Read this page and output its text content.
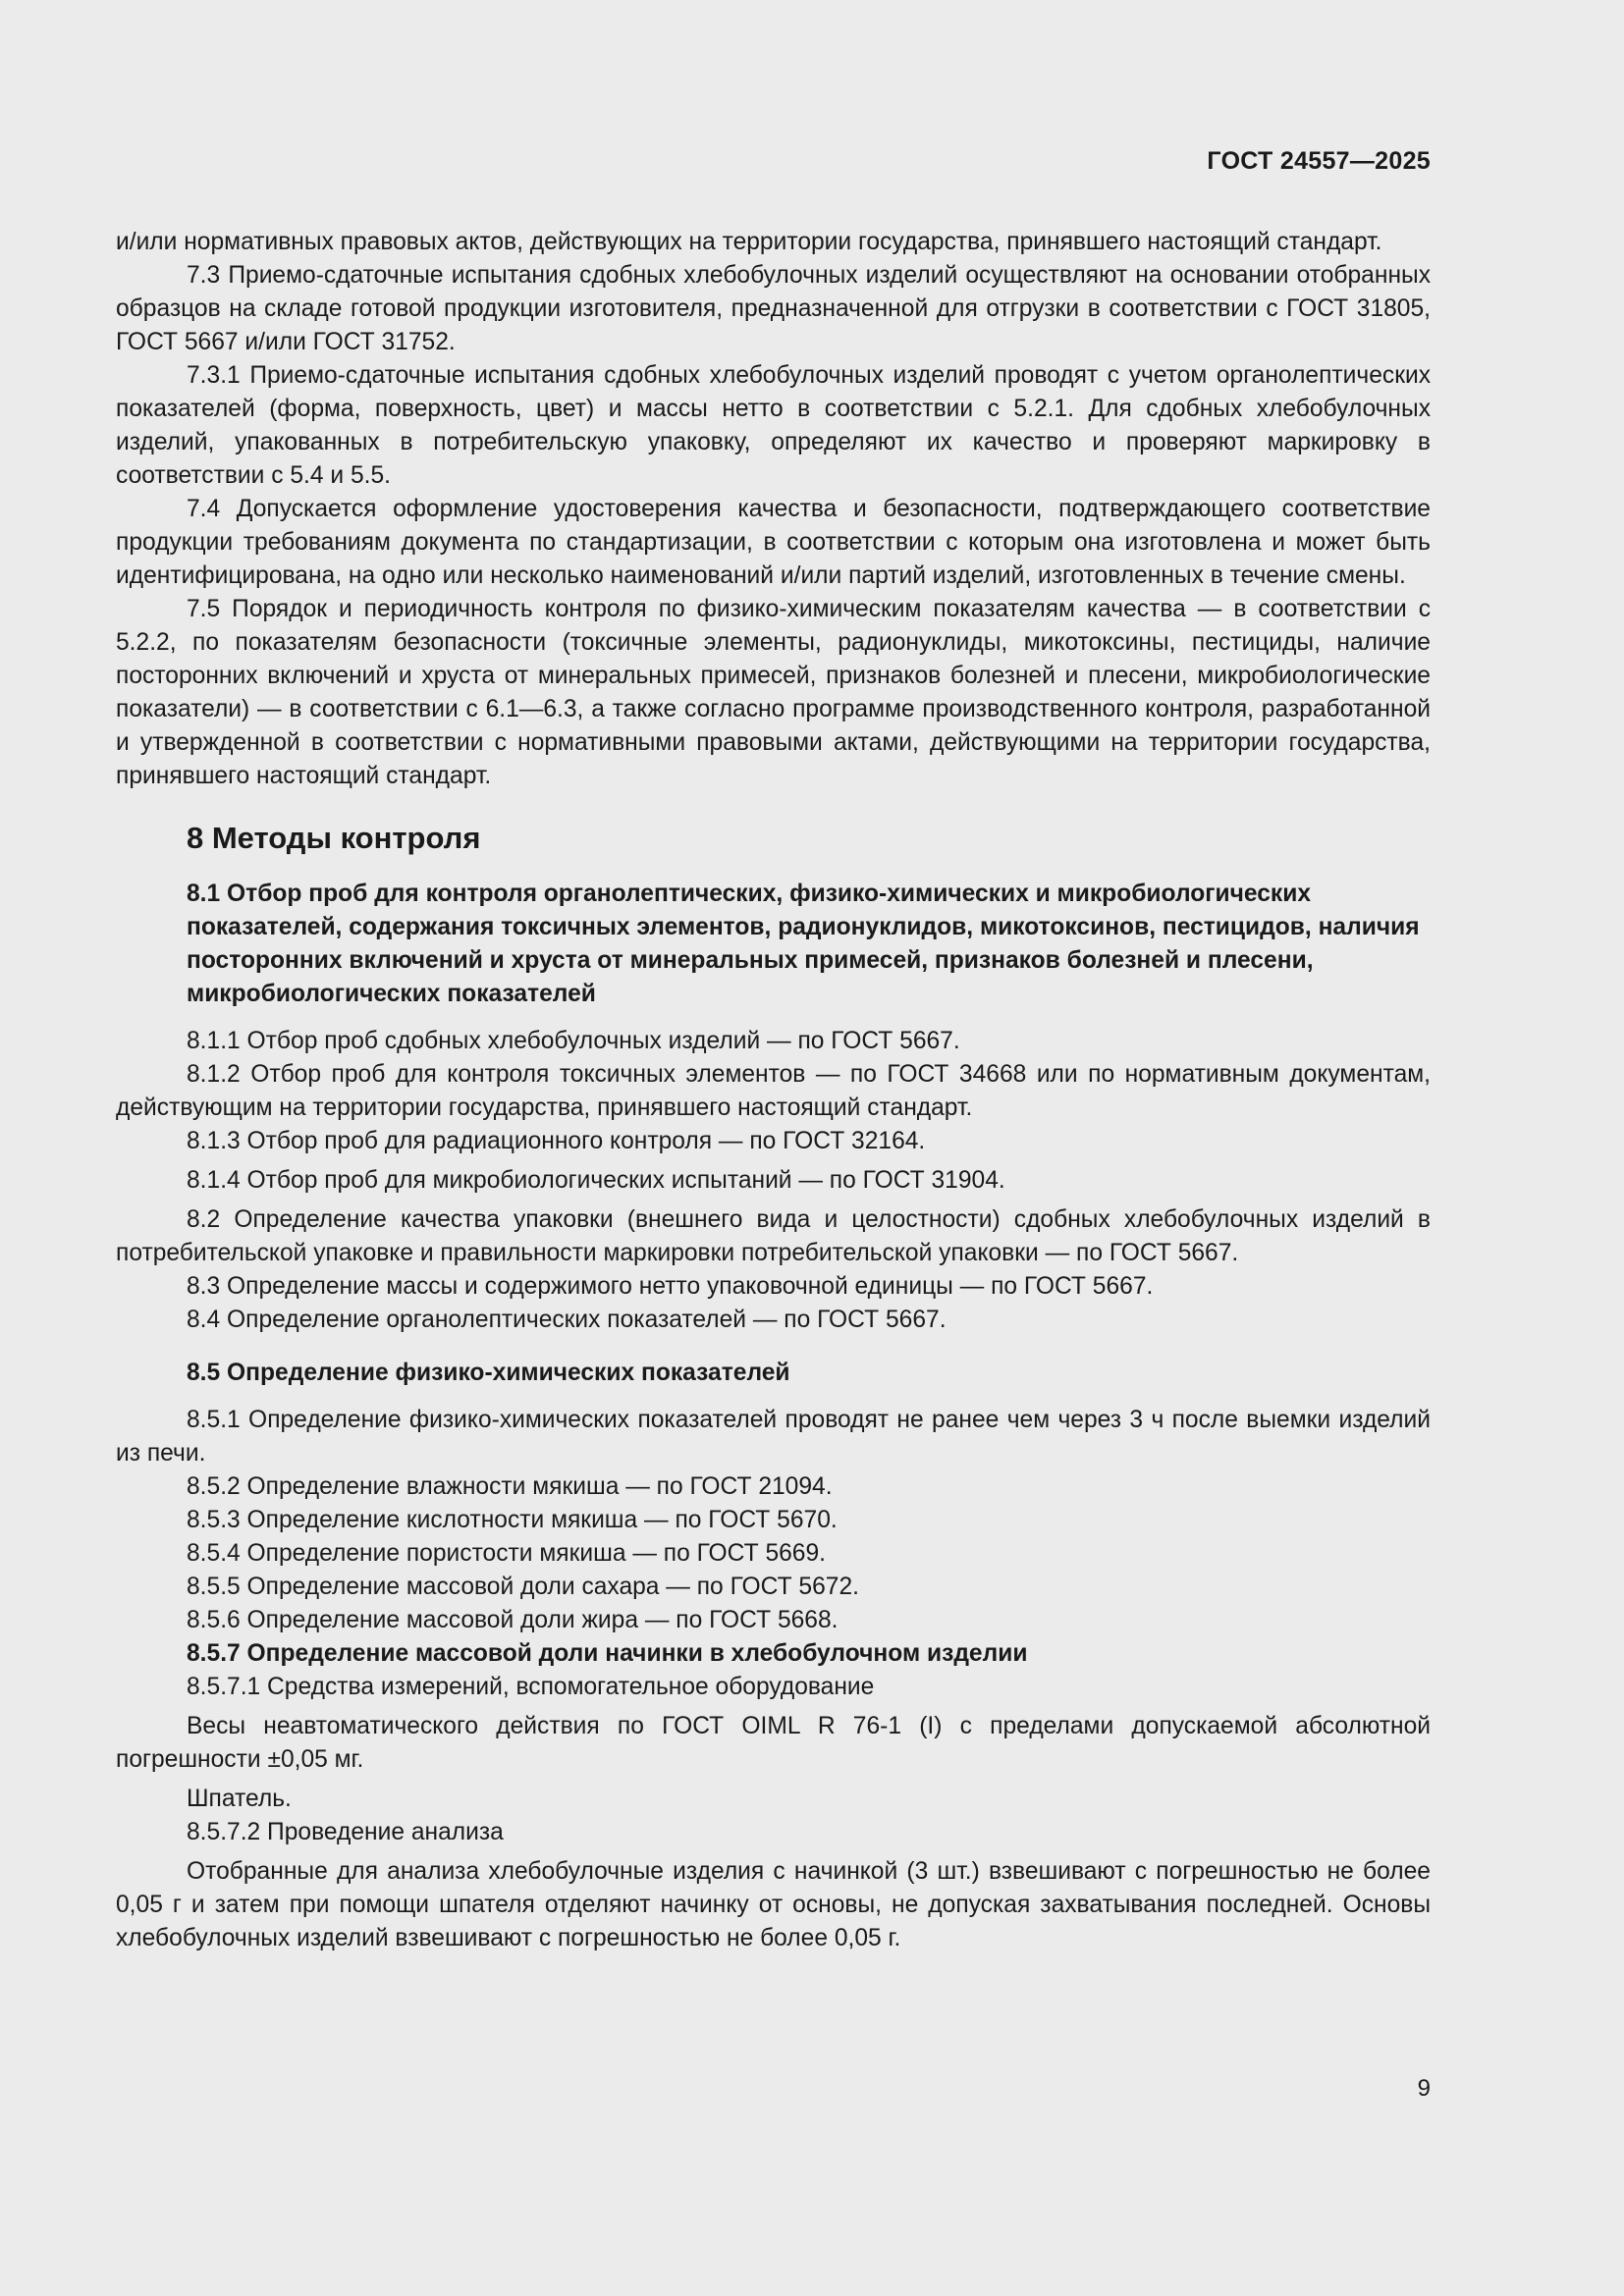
ГОСТ 24557—2025

и/или нормативных правовых актов, действующих на территории государства, принявшего настоящий стандарт.

7.3 Приемо-сдаточные испытания сдобных хлебобулочных изделий осуществляют на основании отобранных образцов на складе готовой продукции изготовителя, предназначенной для отгрузки в соответствии с ГОСТ 31805, ГОСТ 5667 и/или ГОСТ 31752.

7.3.1 Приемо-сдаточные испытания сдобных хлебобулочных изделий проводят с учетом органолептических показателей (форма, поверхность, цвет) и массы нетто в соответствии с 5.2.1. Для сдобных хлебобулочных изделий, упакованных в потребительскую упаковку, определяют их качество и проверяют маркировку в соответствии с 5.4 и 5.5.

7.4 Допускается оформление удостоверения качества и безопасности, подтверждающего соответствие продукции требованиям документа по стандартизации, в соответствии с которым она изготовлена и может быть идентифицирована, на одно или несколько наименований и/или партий изделий, изготовленных в течение смены.

7.5 Порядок и периодичность контроля по физико-химическим показателям качества — в соответствии с 5.2.2, по показателям безопасности (токсичные элементы, радионуклиды, микотоксины, пестициды, наличие посторонних включений и хруста от минеральных примесей, признаков болезней и плесени, микробиологические показатели) — в соответствии с 6.1—6.3, а также согласно программе производственного контроля, разработанной и утвержденной в соответствии с нормативными правовыми актами, действующими на территории государства, принявшего настоящий стандарт.

8 Методы контроля

8.1 Отбор проб для контроля органолептических, физико-химических и микробиологических показателей, содержания токсичных элементов, радионуклидов, микотоксинов, пестицидов, наличия посторонних включений и хруста от минеральных примесей, признаков болезней и плесени, микробиологических показателей

8.1.1 Отбор проб сдобных хлебобулочных изделий — по ГОСТ 5667.

8.1.2 Отбор проб для контроля токсичных элементов — по ГОСТ 34668 или по нормативным документам, действующим на территории государства, принявшего настоящий стандарт.

8.1.3 Отбор проб для радиационного контроля — по ГОСТ 32164.

8.1.4 Отбор проб для микробиологических испытаний — по ГОСТ 31904.

8.2 Определение качества упаковки (внешнего вида и целостности) сдобных хлебобулочных изделий в потребительской упаковке и правильности маркировки потребительской упаковки — по ГОСТ 5667.

8.3 Определение массы и содержимого нетто упаковочной единицы — по ГОСТ 5667.

8.4 Определение органолептических показателей — по ГОСТ 5667.

8.5 Определение физико-химических показателей

8.5.1 Определение физико-химических показателей проводят не ранее чем через 3 ч после выемки изделий из печи.

8.5.2 Определение влажности мякиша — по ГОСТ 21094.

8.5.3 Определение кислотности мякиша — по ГОСТ 5670.

8.5.4 Определение пористости мякиша — по ГОСТ 5669.

8.5.5 Определение массовой доли сахара — по ГОСТ 5672.

8.5.6 Определение массовой доли жира — по ГОСТ 5668.

8.5.7 Определение массовой доли начинки в хлебобулочном изделии

8.5.7.1 Средства измерений, вспомогательное оборудование

Весы неавтоматического действия по ГОСТ OIML R 76-1 (I) с пределами допускаемой абсолютной погрешности ±0,05 мг.

Шпатель.

8.5.7.2 Проведение анализа

Отобранные для анализа хлебобулочные изделия с начинкой (3 шт.) взвешивают с погрешностью не более 0,05 г и затем при помощи шпателя отделяют начинку от основы, не допуская захватывания последней. Основы хлебобулочных изделий взвешивают с погрешностью не более 0,05 г.

9
